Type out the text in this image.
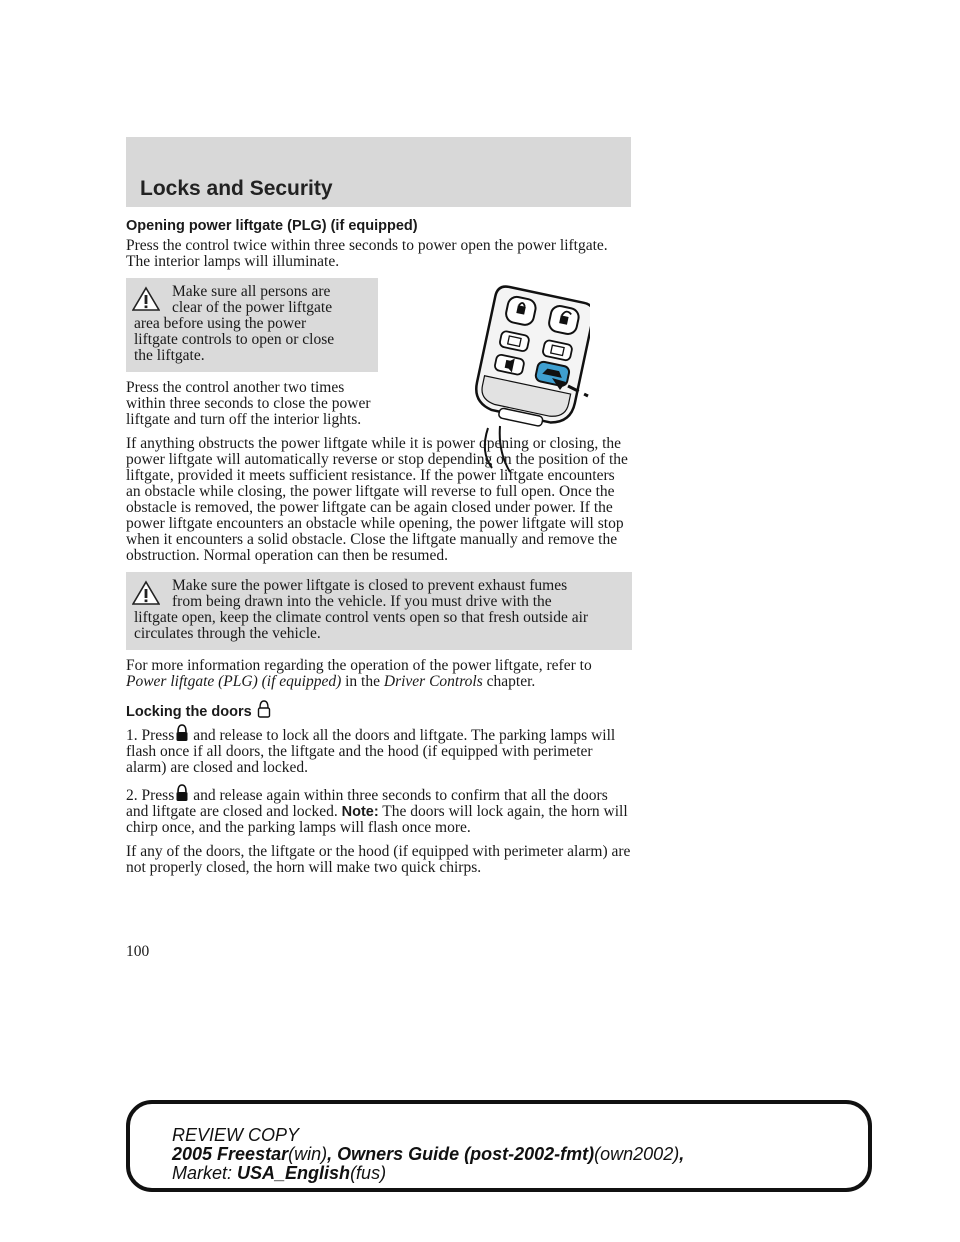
Locks and Security
Opening power liftgate (PLG) (if equipped)

Press the control twice within three seconds to power open the power liftgate. The interior lamps will illuminate.

Make sure all persons are
clear of the power liftgate
area before using the power
liftgate controls to open or close
the liftgate.

Press the control another two times within three seconds to close the power liftgate and turn off the interior lights.

If anything obstructs the power liftgate while it is power opening or closing, the power liftgate will automatically reverse or stop depending on the position of the liftgate, provided it meets sufficient resistance. If the power liftgate encounters an obstacle while closing, the power liftgate will reverse to full open. Once the obstacle is removed, the power liftgate can be again closed under power. If the power liftgate encounters an obstacle while opening, the power liftgate will stop when it encounters a solid obstacle. Close the liftgate manually and remove the obstruction. Normal operation can then be resumed.

Make sure the power liftgate is closed to prevent exhaust fumes
from being drawn into the vehicle. If you must drive with the
liftgate open, keep the climate control vents open so that fresh outside air circulates through the vehicle.

For more information regarding the operation of the power liftgate, refer to Power liftgate (PLG) (if equipped) in the Driver Controls chapter.

Locking the doors

1. Press and release to lock all the doors and liftgate. The parking lamps will flash once if all doors, the liftgate and the hood (if equipped with perimeter alarm) are closed and locked.

2. Press and release again within three seconds to confirm that all the doors and liftgate are closed and locked. Note: The doors will lock again, the horn will chirp once, and the parking lamps will flash once more.

If any of the doors, the liftgate or the hood (if equipped with perimeter alarm) are not properly closed, the horn will make two quick chirps.

100
REVIEW COPY
2005 Freestar(win), Owners Guide (post-2002-fmt)(own2002),
Market: USA_English(fus)
